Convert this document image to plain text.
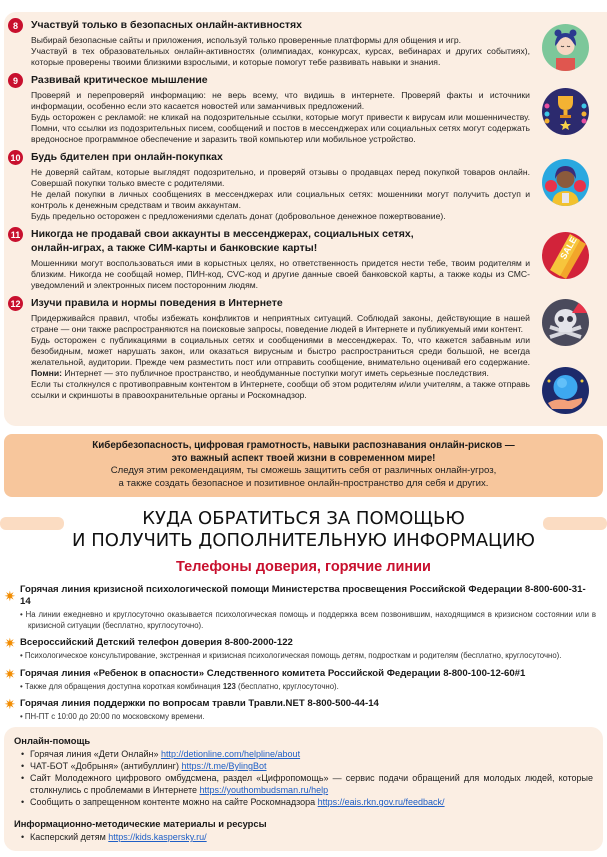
8	Участвуй только в безопасных онлайн-активностях

Выбирай безопасные сайты и приложения, используй только проверенные платформы для общения и игр.

Участвуй в тех образовательных онлайн-активностях (олимпиадах, конкурсах, курсах, вебинарах и других событиях), которые проверены твоими близкими взрослыми, и которые помогут тебе развивать навыки и знания.

9	Развивай критическое мышление

Проверяй и перепроверяй информацию: не верь всему, что видишь в интернете. Проверяй факты и источники информации, особенно если это касается новостей или заманчивых предложений.

Будь осторожен с рекламой: не кликай на подозрительные ссылки, которые могут привести к вирусам или мошенничеству. Помни, что ссылки из подозрительных писем, сообщений и постов в мессенджерах или социальных сетях могут содержать вредоносное программное обеспечение и заразить твой компьютер или мобильное устройство.

10 Будь бдителен при онлайн-покупках

Не доверяй сайтам, которые выглядят подозрительно, и проверяй отзывы о продавцах перед покупкой товаров онлайн. Совершай покупки только вместе с родителями.

Не делай покупки в личных сообщениях в мессенджерах или социальных сетях: мошенники могут получить доступ и контроль к денежным средствам и твоим аккаунтам.

Будь предельно осторожен с предложениями сделать донат (добровольное денежное пожертвование).

11 Никогда не продавай свои аккаунты в мессенджерах, социальных сетях, онлайн-играх, а также СИМ-карты и банковские карты!

Мошенники могут воспользоваться ими в корыстных целях, но ответственность придется нести тебе, твоим родителям и близким. Никогда не сообщай номер, ПИН-код, CVC-код и другие данные своей банковской карты, а также коды из СМС-уведомлений и электронных писем посторонним людям.

12 Изучи правила и нормы поведения в Интернете

Придерживайся правил, чтобы избежать конфликтов и неприятных ситуаций. Соблюдай законы, действующие в нашей стране — они также распространяются на поисковые запросы, поведение людей в Интернете и публикуемый ими контент.

Будь осторожен с публикациями в социальных сетях и сообщениями в мессенджерах. То, что кажется забавным или безобидным, может нарушать закон, или оказаться вирусным и быстро распространиться среди большой, не всегда желательной, аудитории. Прежде чем разместить пост или отправить сообщение, внимательно оценивай его содержание. Помни: Интернет — это публичное пространство, и необдуманные поступки могут иметь серьезные последствия.

Если ты столкнулся с противоправным контентом в Интернете, сообщи об этом родителям и/или учителям, а также отправь ссылки и скриншоты в правоохранительные органы и Роскомнадзор.

SALE
Кибербезопасность, цифровая грамотность, навыки распознавания онлайн-рисков —
это важный аспект твоей жизни в современном мире!
Следуя этим рекомендациям, ты сможешь защитить себя от различных онлайн-угроз,
а также создать безопасное и позитивное онлайн-пространство для себя и других.
КУДА ОБРАТИТЬСЯ ЗА ПОМОЩЬЮ
И ПОЛУЧИТЬ ДОПОЛНИТЕЛЬНУЮ ИНФОРМАЦИЮ
Телефоны доверия, горячие линии
✷ Горячая линия кризисной психологической помощи Министерства просвещения Российской Федерации 8-800-600-31-14
• На линии ежедневно и круглосуточно оказывается психологическая помощь и поддержка всем позвонившим, находящимся в кризисном состоянии или в кризисной ситуации (бесплатно, круглосуточно).
✷ Всероссийский Детский телефон доверия 8-800-2000-122
• Психологическое консультирование, экстренная и кризисная психологическая помощь детям, подросткам и родителям (бесплатно, круглосуточно).
✷ Горячая линия «Ребенок в опасности» Следственного комитета Российской Федерации 8-800-100-12-60#1
• Также для обращения доступна короткая комбинация 123 (бесплатно, круглосуточно).
✷ Горячая линия поддержки по вопросам травли Травли.NET 8-800-500-44-14
• ПН-ПТ с 10:00 до 20:00 по московскому времени.
Онлайн-помощь
• Горячая линия «Дети Онлайн» http://detionline.com/helpline/about
• ЧАТ-БОТ «Добрыня» (антибуллинг) https://t.me/BylingBot
• Сайт Молодежного цифрового омбудсмена, раздел «Цифропомощь» — сервис подачи обращений для молодых людей, которые столкнулись с проблемами в Интернете https://youthombudsman.ru/help
• Сообщить о запрещенном контенте можно на сайте Роскомнадзора https://eais.rkn.gov.ru/feedback/
Информационно-методические материалы и ресурсы
• Касперский детям https://kids.kaspersky.ru/
